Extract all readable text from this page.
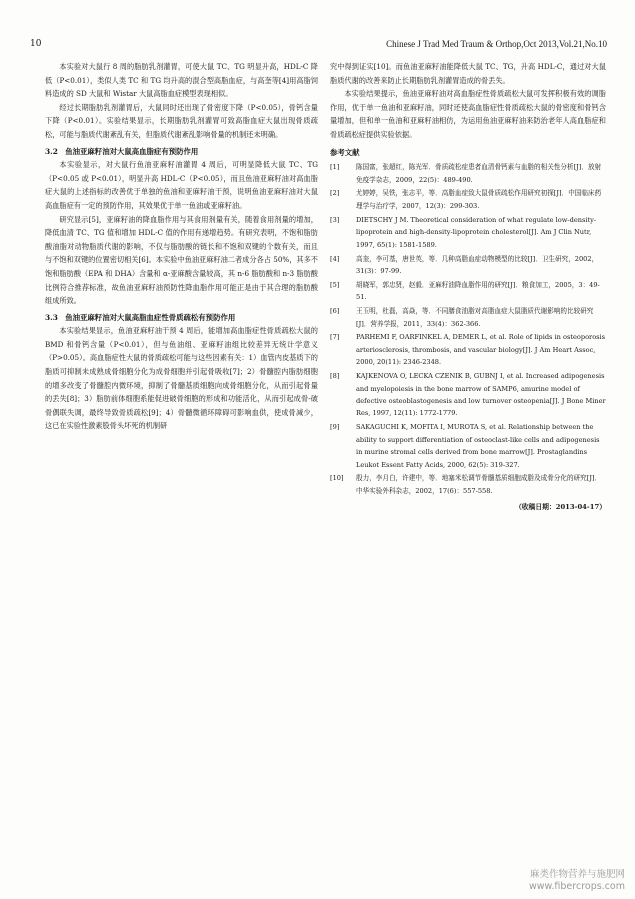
10	Chinese J Trad Med Traum & Orthop,Oct 2013,Vol.21,No.10

本实验对大鼠行 8 周的脂肪乳剂灌胃，可使大鼠 TC、TG 明显升高，HDL-C 降低（P<0.01），类似人类 TC 和 TG 均升高的混合型高脂血症，与高奎等[4]用高脂饲料造成的 SD 大鼠和 Wistar 大鼠高脂血症模型表现相似。

经过长期脂肪乳剂灌胃后，大鼠同时还出现了骨密度下降（P<0.05），骨钙含量下降（P<0.01）。实验结果显示，长期脂肪乳剂灌胃可致高脂血症大鼠出现骨质疏松，可能与脂质代谢紊乱有关，但脂质代谢紊乱影响骨量的机制还未明确。

3.2　鱼油亚麻籽油对大鼠高血脂症有预防作用

本实验显示，对大鼠行鱼油亚麻籽油灌胃 4 周后，可明显降低大鼠 TC、TG（P<0.05 或 P<0.01），明显升高 HDL-C（P<0.05），而且鱼油亚麻籽油对高血脂症大鼠的上述指标的改善优于单独的鱼油和亚麻籽油干预，说明鱼油亚麻籽油对大鼠高血脂症有一定的预防作用，其效果优于单一鱼油或亚麻籽油。

研究显示[5]，亚麻籽油的降血脂作用与其食用剂量有关，随着食用剂量的增加，降低血清 TC、TG 值和增加 HDL-C 值的作用有递增趋势。有研究表明，不饱和脂肪酸油脂对动物脂质代谢的影响，不仅与脂肪酸的链长和不饱和双键的个数有关，而且与不饱和双键的位置密切相关[6]。本实验中鱼油亚麻籽油二者成分各占 50%，其多不饱和脂肪酸（EPA 和 DHA）含量和 α-亚麻酸含量较高，其 n-6 脂肪酸和 n-3 脂肪酸比例符合推荐标准，故鱼油亚麻籽油预防性降血脂作用可能正是由于其合理的脂肪酸组成所致。

3.3　鱼油亚麻籽油对大鼠高脂血症性骨质疏松有预防作用

本实验结果显示，鱼油亚麻籽油干预 4 周后，能增加高血脂症性骨质疏松大鼠的 BMD 和骨钙含量（P<0.01），但与鱼油组、亚麻籽油组比较差异无统计学意义（P>0.05）。高血脂症性大鼠的骨质疏松可能与这些因素有关：1）血管内皮基质下的脂质可抑制未成熟成骨细胞分化为成骨细胞并引起骨吸收[7]；2）骨髓腔内脂肪细胞的增多改变了骨髓腔内微环境，抑制了骨髓基质细胞向成骨细胞分化，从而引起骨量的丢失[8]；3）脂肪前体细胞系能促进破骨细胞的形成和功能活化，从而引起成骨-破骨偶联失调，最终导致骨质疏松[9]；4）骨髓微循环障碍可影响血供，使成骨减少，这已在实验性激素股骨头坏死的机制研

究中得到证实[10]。而鱼油亚麻籽油能降低大鼠 TC、TG，升高 HDL-C，通过对大鼠脂质代谢的改善来防止长期脂肪乳剂灌胃造成的骨丢失。

本实验结果提示，鱼油亚麻籽油对高血脂症性骨质疏松大鼠可发挥积极有效的调脂作用，优于单一鱼油和亚麻籽油，同时还使高血脂症性骨质疏松大鼠的骨密度和骨钙含量增加，但和单一鱼油和亚麻籽油相仿，为运用鱼油亚麻籽油来防治老年人高血脂症和骨质疏松症提供实验依据。

参考文献
[1]	陈国富，张超红，陈光军．骨质疏松症患者血清骨钙素与血脂的相关性分析[J]．放射免疫学杂志，2009，22(5)：489-490.
[2]	尤婷婷，吴铁，张志平，等．高脂血症致大鼠骨质疏松作用研究初探[J]．中国临床药理学与治疗学，2007，12(3)：299-303.
[3]	DIETSCHY J M. Theoretical consideration of what regulate low-density-lipoprotein and high-density-lipoprotein cholesterol[J]. Am J Clin Nutr, 1997, 65(1): 1581-1589.
[4]	高奎，李可基，唐世英，等．几种高脂血症动物模型的比较[J]．卫生研究，2002，31(3)：97-99.
[5]	胡晓军，郭忠贤，赵毅．亚麻籽油降血脂作用的研究[J]．粮食加工，2005，3：49-51.
[6]	王玉明，杜磊，高焱，等．不同膳食油脂对高脂血症大鼠脂质代谢影响的比较研究[J]．营养学报，2011，33(4)：362-366.
[7]	PARHEMI F, OARFINKEL A, DEMER L, et al. Role of lipids in osteoporosis arteriosclerosis, thrombosis, and vascular biology[J]. J Am Heart Assoc, 2000, 20(11): 2346-2348.
[8]	KAJKENOVA O, LECKA CZENIK B, GUBNJ I, et al. Increased adipogenesis and myelopoiesis in the bone marrow of SAMP6, amurine model of defective osteoblastogenesis and low turnover osteopenia[J]. J Bone Miner Res, 1997, 12(11): 1772-1779.
[9]	SAKAGUCHI K, MOFITA I, MUROTA S, et al. Relationship between the ability to support differentiation of osteoclast-like cells and adipogenesis in murine stromal cells derived from bone marrow[J]. Prostaglandins Leukot Essent Fatty Acids, 2000, 62(5): 319-327.
[10] 殷力，李月白，许建中，等．地塞米松调节骨髓基质细胞成脂及成骨分化的研究[J]．中华实验外科杂志，2002，17(6)：557-558.
（收稿日期：2013-04-17）
麻类作物营养与施肥网
www.fibercrops.com
